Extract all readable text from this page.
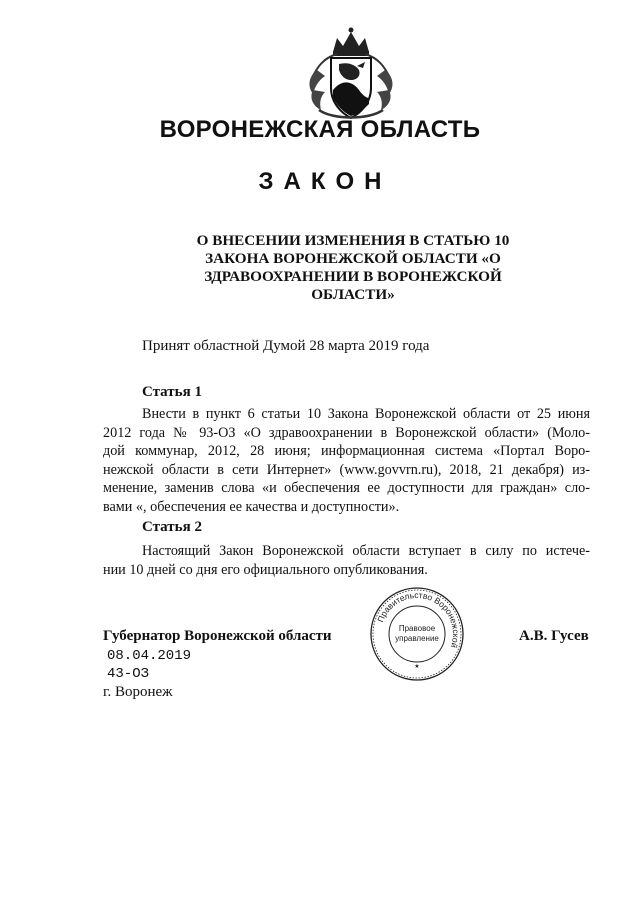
ВОРОНЕЖСКАЯ ОБЛАСТЬ
ЗАКОН
О ВНЕСЕНИИ ИЗМЕНЕНИЯ В СТАТЬЮ 10
ЗАКОНА ВОРОНЕЖСКОЙ ОБЛАСТИ «О
ЗДРАВООХРАНЕНИИ В ВОРОНЕЖСКОЙ
ОБЛАСТИ»
Принят областной Думой 28 марта 2019 года
Статья 1
Внести в пункт 6 статьи 10 Закона Воронежской области от 25 июня
2012 года № 93-ОЗ «О здравоохранении в Воронежской области» (Моло-
дой коммунар, 2012, 28 июня; информационная система «Портал Воро-
нежской области в сети Интернет» (www.govvrn.ru), 2018, 21 декабря) из-
менение, заменив слова «и обеспечения ее доступности для граждан» сло-
вами «, обеспечения ее качества и доступности».
Статья 2
Настоящий Закон Воронежской области вступает в силу по истече-
нии 10 дней со дня его официального опубликования.
Правительство Воронежской
Правовое
управление
★
Губернатор Воронежской области	А.В. Гусев
08.04.2019
43-ОЗ
г. Воронеж
